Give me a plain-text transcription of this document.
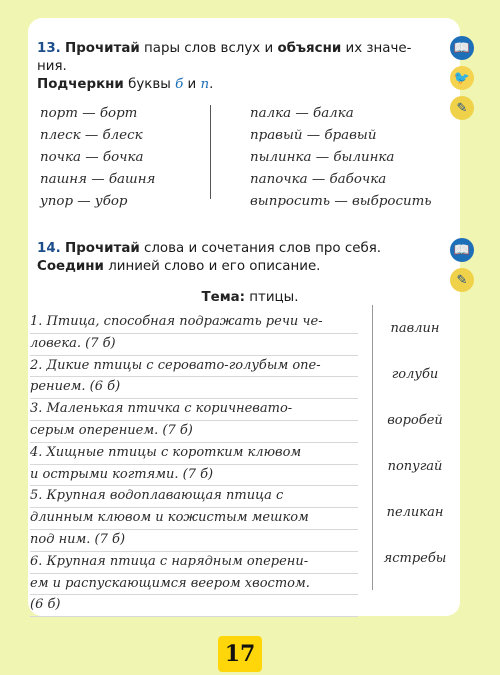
📖
🐦
✎
📖
✎
13. Прочитай пары слов вслух и объясни их значе-
ния.
Подчеркни буквы б и п.
порт — борт
плеск — блеск
почка — бочка
пашня — башня
упор — убор
палка — балка
правый — бравый
пылинка — былинка
папочка — бабочка
выпросить — выбросить
14. Прочитай слова и сочетания слов про себя.
Соедини линией слово и его описание.
Тема: птицы.
1. Птица, способная подражать речи че-
ловека. (7 б)
2. Дикие птицы с серовато-голубым опе-
рением. (6 б)
3. Маленькая птичка с коричневато-
серым оперением. (7 б)
4. Хищные птицы с коротким клювом
и острыми когтями. (7 б)
5. Крупная водоплавающая птица с
длинным клювом и кожистым мешком
под ним. (7 б)
6. Крупная птица с нарядным оперени-
ем и распускающимся веером хвостом.
(6 б)
павлин
голуби
воробей
попугай
пеликан
ястребы
17
